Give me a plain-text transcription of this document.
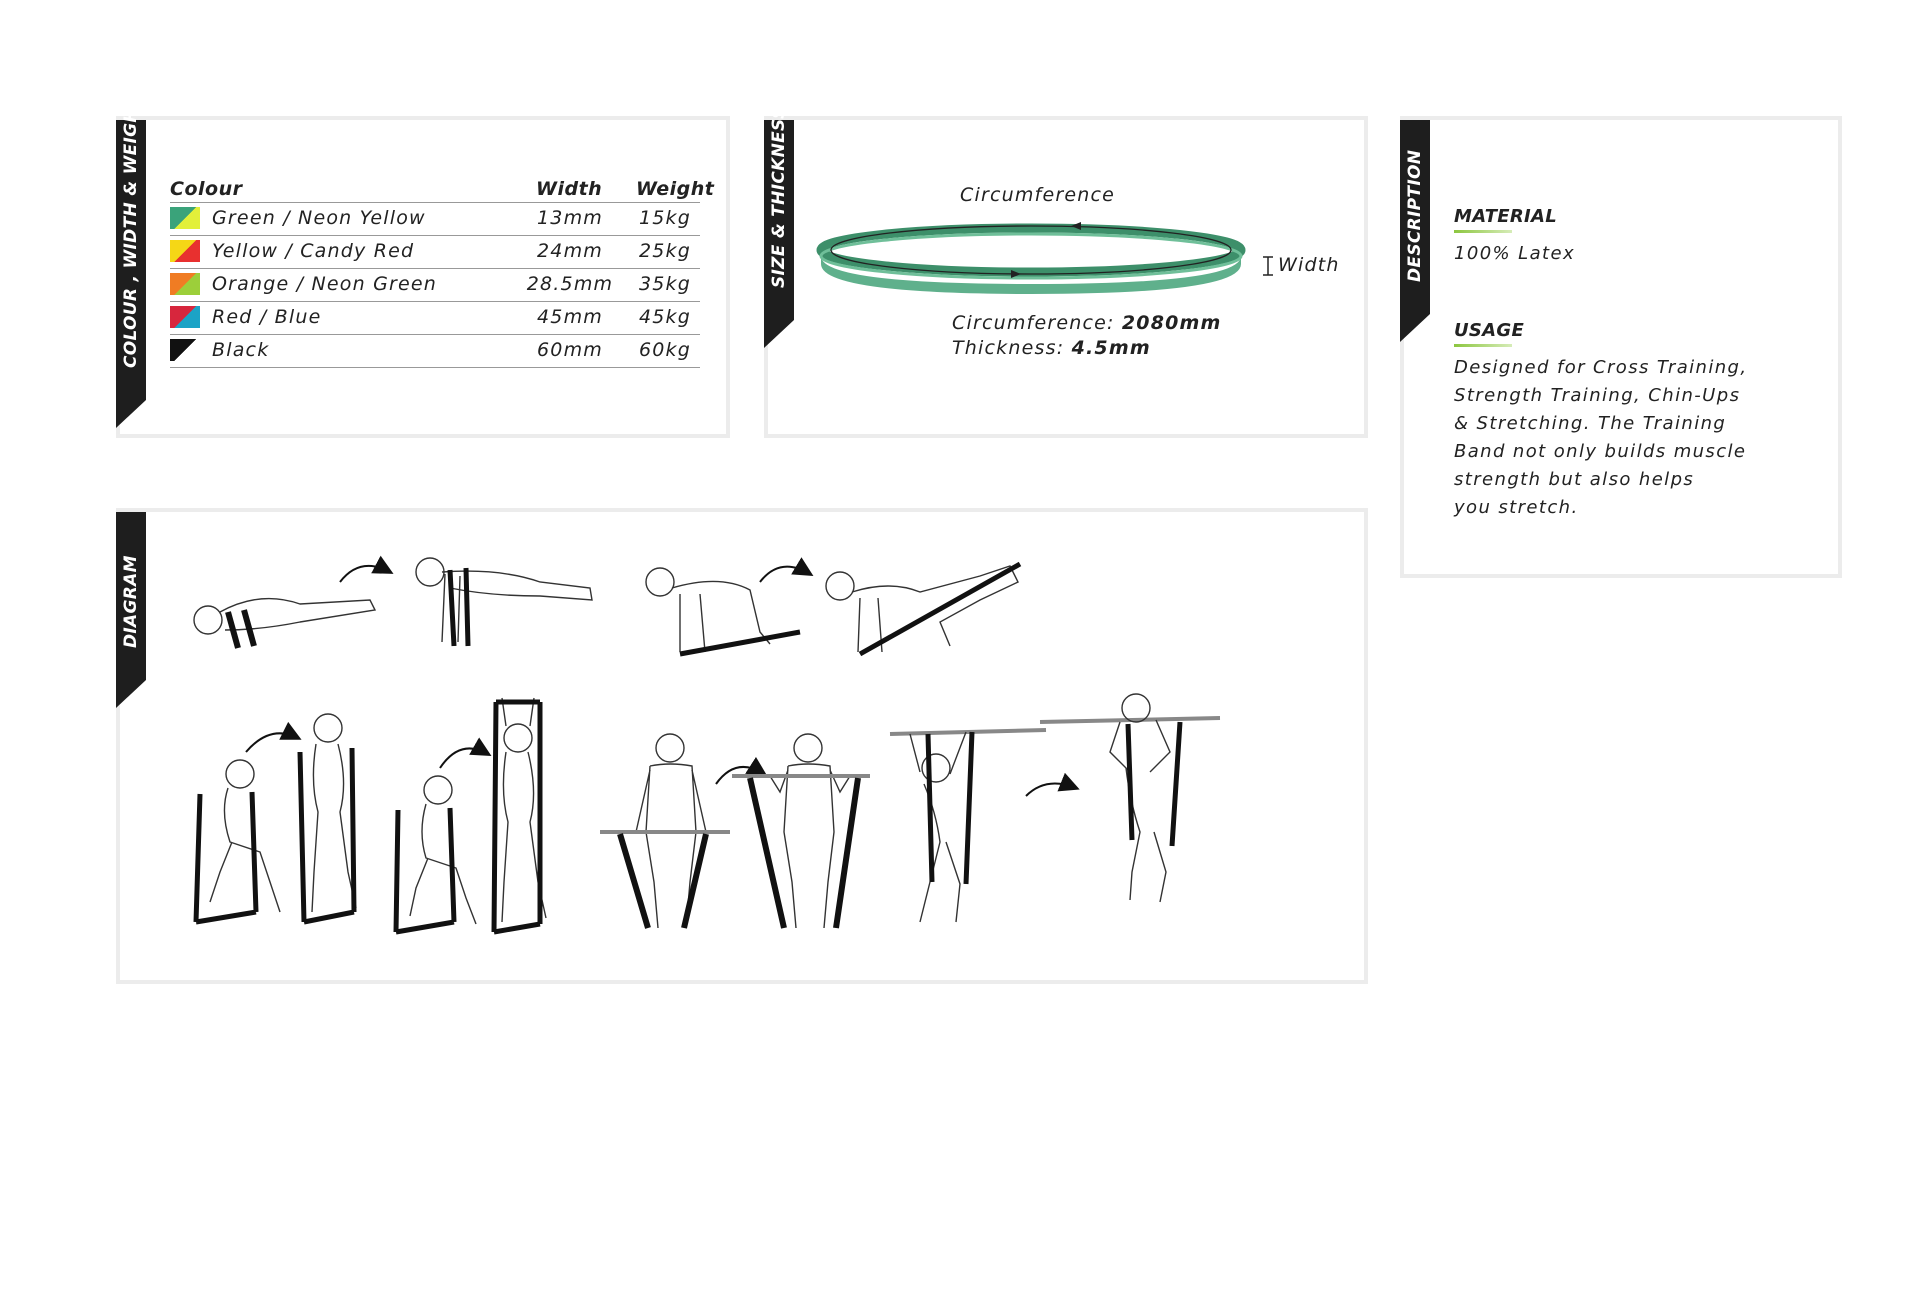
COLOUR , WIDTH & WEIGHT Colour	Width Weight
Green / Neon Yellow	13mm	15kg
Yellow / Candy Red	24mm	25kg
Orange / Neon Green	28.5mm	35kg
Red / Blue	45mm	45kg
Black	60mm	60kg
SIZE & THICKNESS	Circumference
Width
Circumference: 2080mm
Thickness: 4.5mm
DESCRIPTION MATERIAL
100% Latex
USAGE
Designed for Cross Training,
Strength Training, Chin-Ups
& Stretching. The Training
Band not only builds muscle
strength but also helps
you stretch.
DIAGRAM
